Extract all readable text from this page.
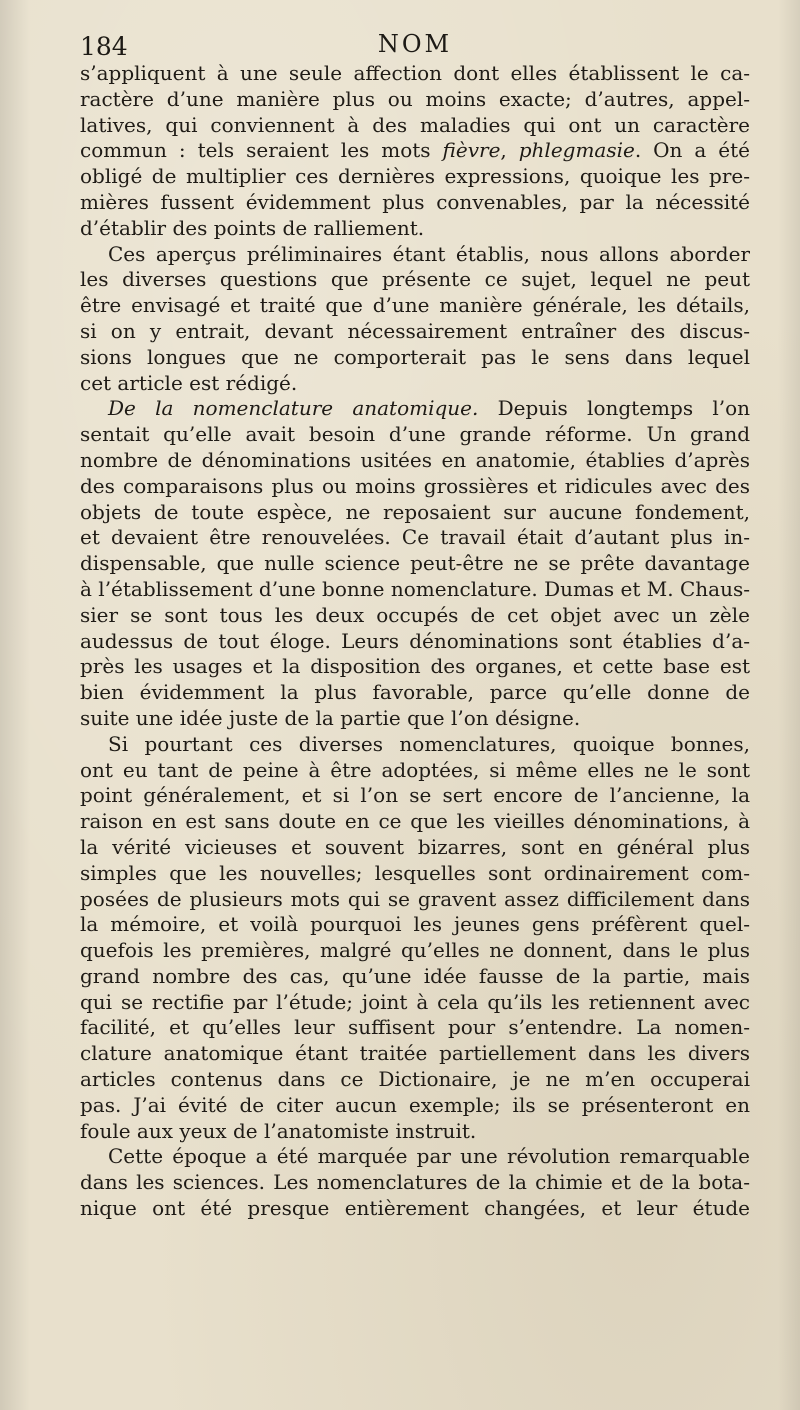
184	NOM
s’appliquent à une seule affection dont elles établissent le ca-
ractère d’une manière plus ou moins exacte; d’autres, appel-
latives, qui conviennent à des maladies qui ont un caractère
commun : tels seraient les mots fièvre, phlegmasie. On a été
obligé de multiplier ces dernières expressions, quoique les pre-
mières fussent évidemment plus convenables, par la nécessité
d’établir des points de ralliement.
Ces aperçus préliminaires étant établis, nous allons aborder
les diverses questions que présente ce sujet, lequel ne peut
être envisagé et traité que d’une manière générale, les détails,
si on y entrait, devant nécessairement entraîner des discus-
sions longues que ne comporterait pas le sens dans lequel
cet article est rédigé.
De la nomenclature anatomique. Depuis longtemps l’on
sentait qu’elle avait besoin d’une grande réforme. Un grand
nombre de dénominations usitées en anatomie, établies d’après
des comparaisons plus ou moins grossières et ridicules avec des
objets de toute espèce, ne reposaient sur aucune fondement,
et devaient être renouvelées. Ce travail était d’autant plus in-
dispensable, que nulle science peut-être ne se prête davantage
à l’établissement d’une bonne nomenclature. Dumas et M. Chaus-
sier se sont tous les deux occupés de cet objet avec un zèle
audessus de tout éloge. Leurs dénominations sont établies d’a-
près les usages et la disposition des organes, et cette base est
bien évidemment la plus favorable, parce qu’elle donne de
suite une idée juste de la partie que l’on désigne.
Si pourtant ces diverses nomenclatures, quoique bonnes,
ont eu tant de peine à être adoptées, si même elles ne le sont
point généralement, et si l’on se sert encore de l’ancienne, la
raison en est sans doute en ce que les vieilles dénominations, à
la vérité vicieuses et souvent bizarres, sont en général plus
simples que les nouvelles; lesquelles sont ordinairement com-
posées de plusieurs mots qui se gravent assez difficilement dans
la mémoire, et voilà pourquoi les jeunes gens préfèrent quel-
quefois les premières, malgré qu’elles ne donnent, dans le plus
grand nombre des cas, qu’une idée fausse de la partie, mais
qui se rectifie par l’étude; joint à cela qu’ils les retiennent avec
facilité, et qu’elles leur suffisent pour s’entendre. La nomen-
clature anatomique étant traitée partiellement dans les divers
articles contenus dans ce Dictionaire, je ne m’en occuperai
pas. J’ai évité de citer aucun exemple; ils se présenteront en
foule aux yeux de l’anatomiste instruit.
Cette époque a été marquée par une révolution remarquable
dans les sciences. Les nomenclatures de la chimie et de la bota-
nique ont été presque entièrement changées, et leur étude
